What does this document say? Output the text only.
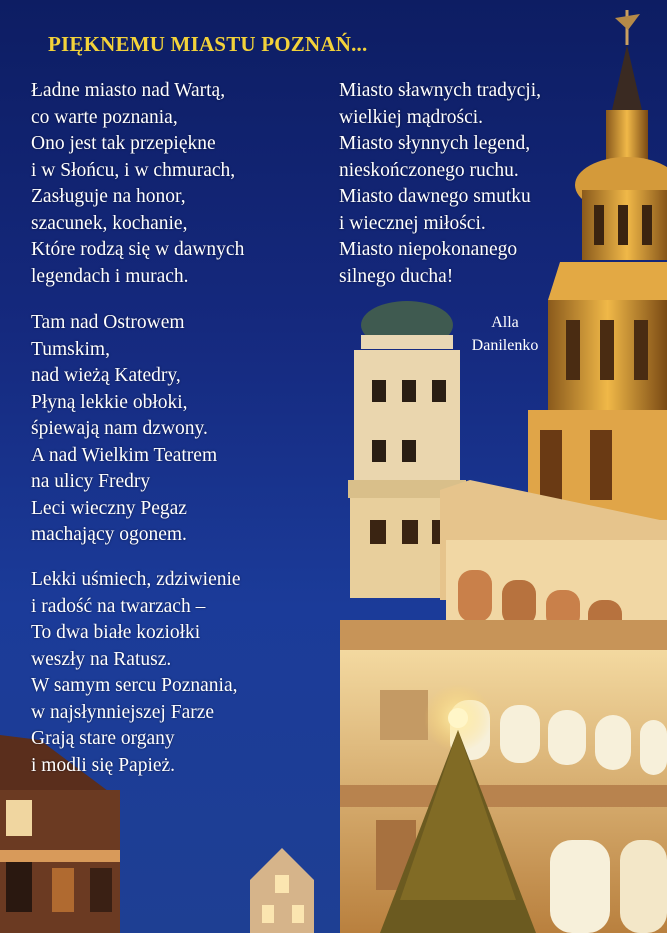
PIĘKNEMU MIASTU POZNAŃ...
Ładne miasto nad Wartą,
co warte poznania,
Ono jest tak przepiękne
i w Słońcu, i w chmurach,
Zasługuje na honor,
szacunek, kochanie,
Które rodzą się w dawnych
legendach i murach.
Tam nad Ostrowem
Tumskim,
nad wieżą Katedry,
Płyną lekkie obłoki,
śpiewają nam dzwony.
A nad Wielkim Teatrem
na ulicy Fredry
Leci wieczny Pegaz
machający ogonem.
Lekki uśmiech, zdziwienie
i radość na twarzach –
To dwa białe koziołki
weszły na Ratusz.
W samym sercu Poznania,
w najsłynniejszej Farze
Grają stare organy
i modli się Papież.
Miasto sławnych tradycji,
wielkiej mądrości.
Miasto słynnych legend,
nieskończonego ruchu.
Miasto dawnego smutku
i wiecznej miłości.
Miasto niepokonanego
silnego ducha!
Alla
Danilenko
